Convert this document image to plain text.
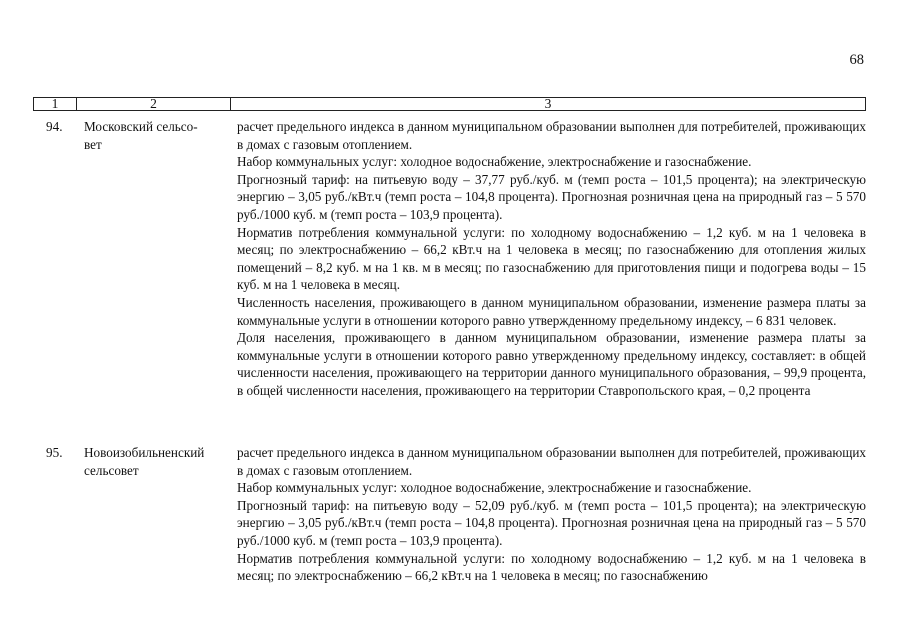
68
1	2	3
94. Московский сельсо-
вет

расчет предельного индекса в данном муниципальном образовании выполнен для потребителей, проживающих в домах с газовым отоплением.

Набор коммунальных услуг: холодное водоснабжение, электроснабжение и газоснабжение.

Прогнозный тариф: на питьевую воду – 37,77 руб./куб. м (темп роста – 101,5 процента); на электрическую энергию – 3,05 руб./кВт.ч (темп роста – 104,8 процента). Прогнозная розничная цена на природный газ – 5 570 руб./1000 куб. м (темп роста – 103,9 процента).

Норматив потребления коммунальной услуги: по холодному водоснабжению – 1,2 куб. м на 1 человека в месяц; по электроснабжению – 66,2 кВт.ч на 1 человека в месяц; по газоснабжению для отопления жилых помещений – 8,2 куб. м на 1 кв. м в месяц; по газоснабжению для приготовления пищи и подогрева воды – 15 куб. м на 1 человека в месяц.

Численность населения, проживающего в данном муниципальном образовании, изменение размера платы за коммунальные услуги в отношении которого равно утвержденному предельному индексу, – 6 831 человек.

Доля населения, проживающего в данном муниципальном образовании, изменение размера платы за коммунальные услуги в отношении которого равно утвержденному предельному индексу, составляет: в общей численности населения, проживающего на территории данного муниципального образования, – 99,9 процента, в общей численности населения, проживающего на территории Ставропольского края, – 0,2 процента

95. Новоизобильненский
сельсовет

расчет предельного индекса в данном муниципальном образовании выполнен для потребителей, проживающих в домах с газовым отоплением.

Набор коммунальных услуг: холодное водоснабжение, электроснабжение и газоснабжение.

Прогнозный тариф: на питьевую воду – 52,09 руб./куб. м (темп роста – 101,5 процента); на электрическую энергию – 3,05 руб./кВт.ч (темп роста – 104,8 процента). Прогнозная розничная цена на природный газ – 5 570 руб./1000 куб. м (темп роста – 103,9 процента).

Норматив потребления коммунальной услуги: по холодному водоснабжению – 1,2 куб. м на 1 человека в месяц; по электроснабжению – 66,2 кВт.ч на 1 человека в месяц; по газоснабжению
